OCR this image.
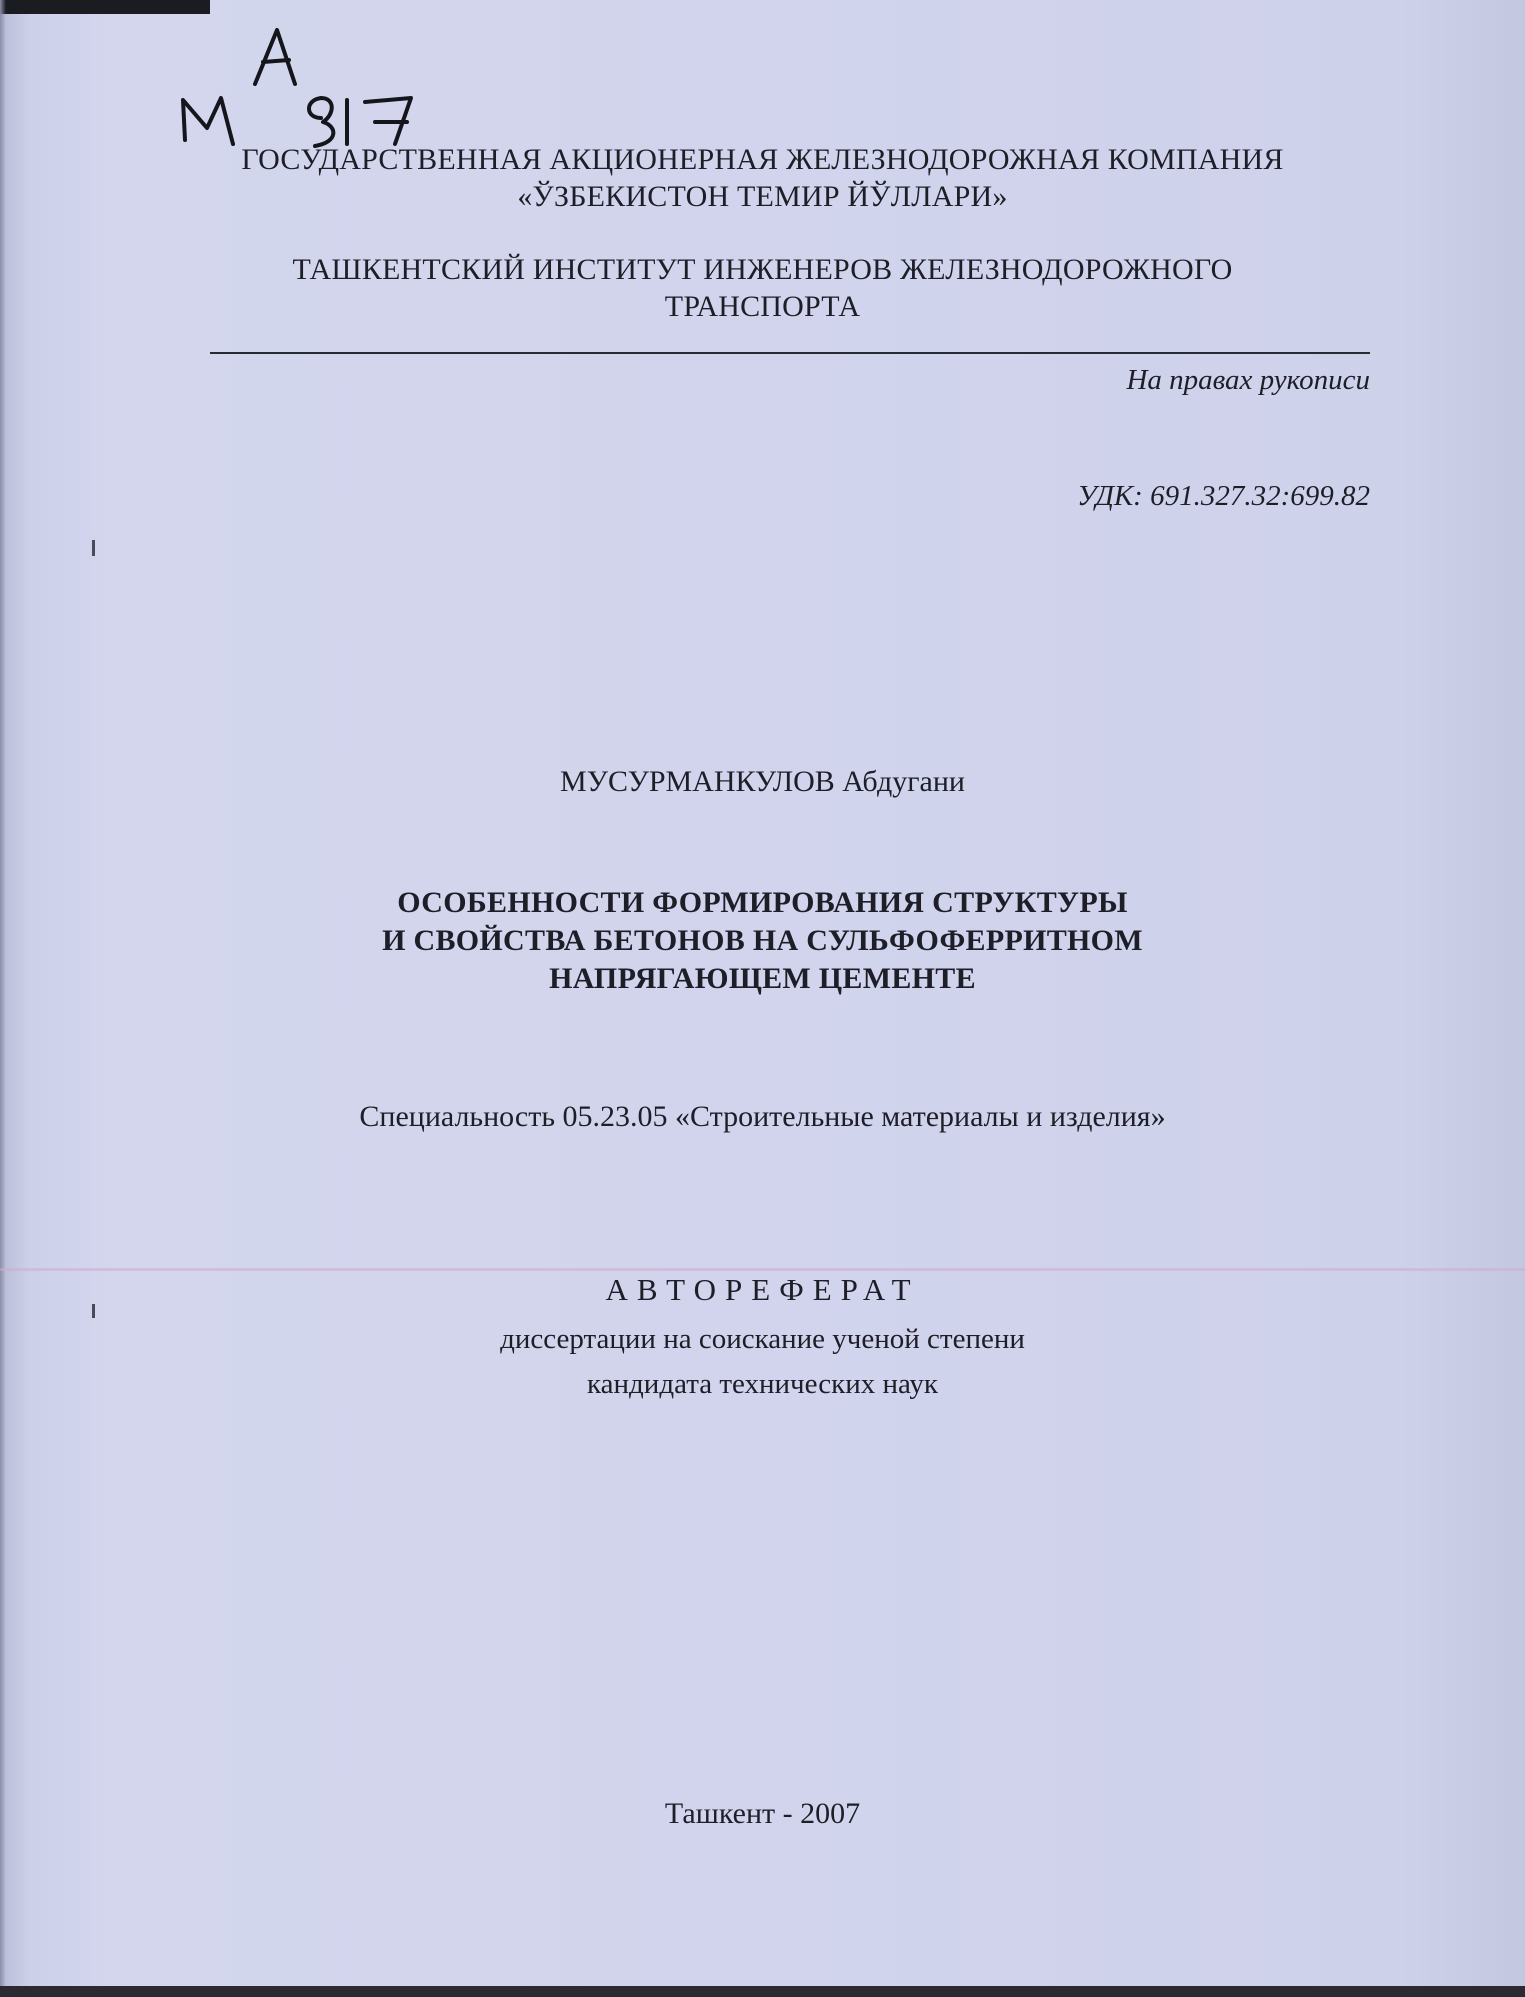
ГОСУДАРСТВЕННАЯ АКЦИОНЕРНАЯ ЖЕЛЕЗНОДОРОЖНАЯ КОМПАНИЯ
«ЎЗБЕКИСТОН ТЕМИР ЙЎЛЛАРИ»
ТАШКЕНТСКИЙ ИНСТИТУТ ИНЖЕНЕРОВ ЖЕЛЕЗНОДОРОЖНОГО
ТРАНСПОРТА
На правах рукописи
УДК: 691.327.32:699.82
МУСУРМАНКУЛОВ Абдугани
ОСОБЕННОСТИ ФОРМИРОВАНИЯ СТРУКТУРЫ
И СВОЙСТВА БЕТОНОВ НА СУЛЬФОФЕРРИТНОМ
НАПРЯГАЮЩЕМ ЦЕМЕНТЕ
Специальность 05.23.05 «Строительные материалы и изделия»
АВТОРЕФЕРАТ
диссертации на соискание ученой степени
кандидата технических наук
Ташкент - 2007
